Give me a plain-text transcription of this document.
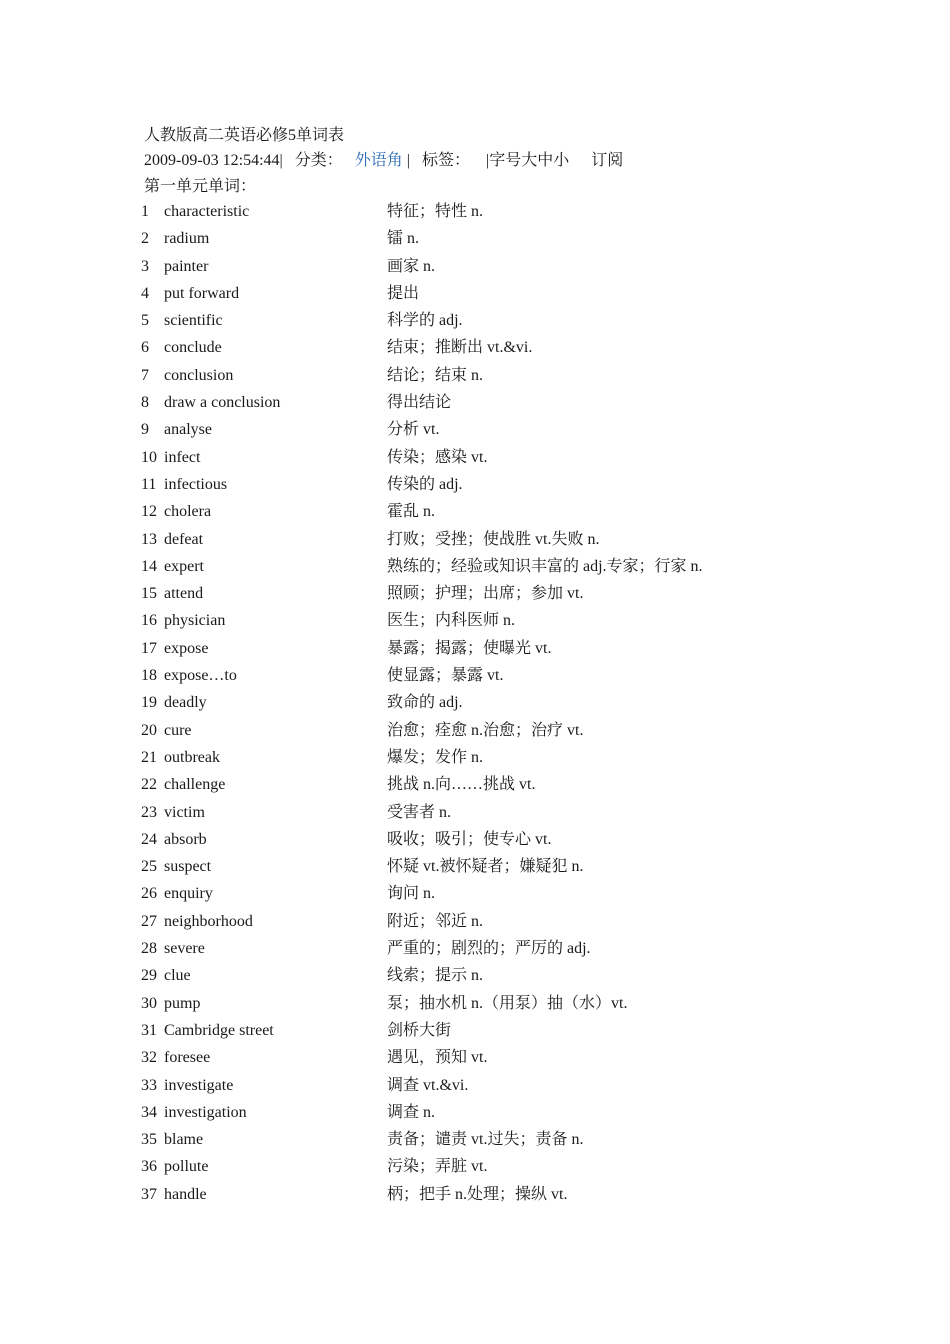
人教版高二英语必修5单词表
2009-09-03 12:54:44| 分类： 外语角 | 标签： |字号大中小 订阅
第一单元单词：
1 characteristic	特征；特性 n.
2 radium	镭 n.
3 painter	画家 n.
4 put forward	提出
5 scientific	科学的 adj.
6 conclude	结束；推断出 vt.&vi.
7 conclusion	结论；结束 n.
8 draw a conclusion	得出结论
9 analyse	分析 vt.
10 infect	传染；感染 vt.
11 infectious	传染的 adj.
12 cholera	霍乱 n.
13 defeat	打败；受挫；使战胜 vt.失败 n.
14 expert	熟练的；经验或知识丰富的 adj.专家；行家 n.
15 attend	照顾；护理；出席；参加 vt.
16 physician	医生；内科医师 n.
17 expose	暴露；揭露；使曝光 vt.
18 expose…to	使显露；暴露 vt.
19 deadly	致命的 adj.
20 cure	治愈；痊愈 n.治愈；治疗 vt.
21 outbreak	爆发；发作 n.
22 challenge	挑战 n.向……挑战 vt.
23 victim	受害者 n.
24 absorb	吸收；吸引；使专心 vt.
25 suspect	怀疑 vt.被怀疑者；嫌疑犯 n.
26 enquiry	询问 n.
27 neighborhood	附近；邻近 n.
28 severe	严重的；剧烈的；严厉的 adj.
29 clue	线索；提示 n.
30 pump	泵；抽水机 n.（用泵）抽（水）vt.
31 Cambridge street	剑桥大街
32 foresee	遇见，预知 vt.
33 investigate	调查 vt.&vi.
34 investigation	调查 n.
35 blame	责备；谴责 vt.过失；责备 n.
36 pollute	污染；弄脏 vt.
37 handle	柄；把手 n.处理；操纵 vt.
